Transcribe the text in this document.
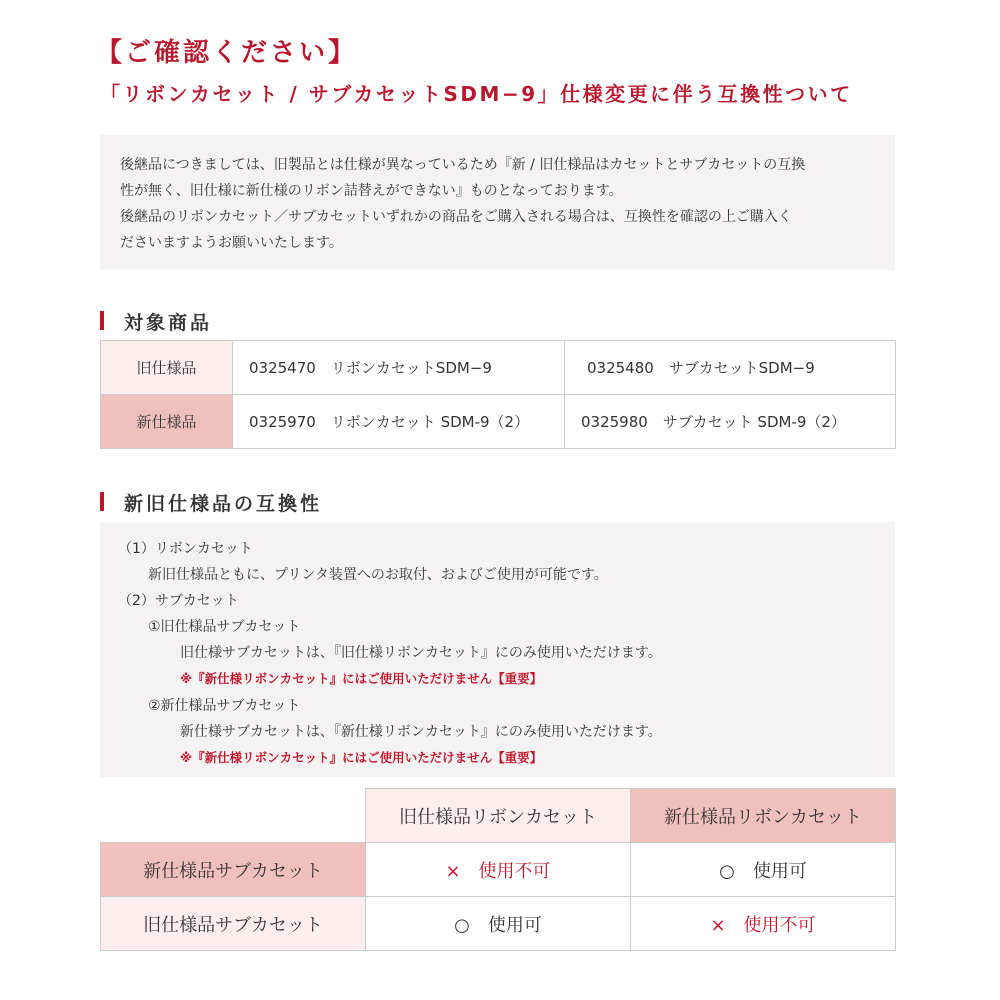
【ご確認ください】
「リボンカセット / サブカセットSDM−9」仕様変更に伴う互換性ついて
後継品につきましては、旧製品とは仕様が異なっているため『新 / 旧仕様品はカセットとサブカセットの互換
性が無く、旧仕様に新仕様のリボン詰替えができない』ものとなっております。
後継品のリボンカセット／サブカセットいずれかの商品をご購入される場合は、互換性を確認の上ご購入く
ださいますようお願いいたします。
対象商品
旧仕様品	0325470　リボンカセットSDM−9	0325480　サブカセットSDM−9
新仕様品	0325970　リボンカセット SDM-9（2）	0325980　サブカセット SDM-9（2）
新旧仕様品の互換性
（1）リボンカセット
新旧仕様品ともに、プリンタ装置へのお取付、およびご使用が可能です。
（2）サブカセット
①旧仕様品サブカセット
旧仕様サブカセットは、『旧仕様リボンカセット』にのみ使用いただけます。
※『新仕様リボンカセット』にはご使用いただけません【重要】
②新仕様品サブカセット
新仕様サブカセットは、『新仕様リボンカセット』にのみ使用いただけます。
※『新仕様リボンカセット』にはご使用いただけません【重要】
	旧仕様品リボンカセット	新仕様品リボンカセット
新仕様品サブカセット	×　使用不可	○　使用可
旧仕様品サブカセット	○　使用可	×　使用不可
